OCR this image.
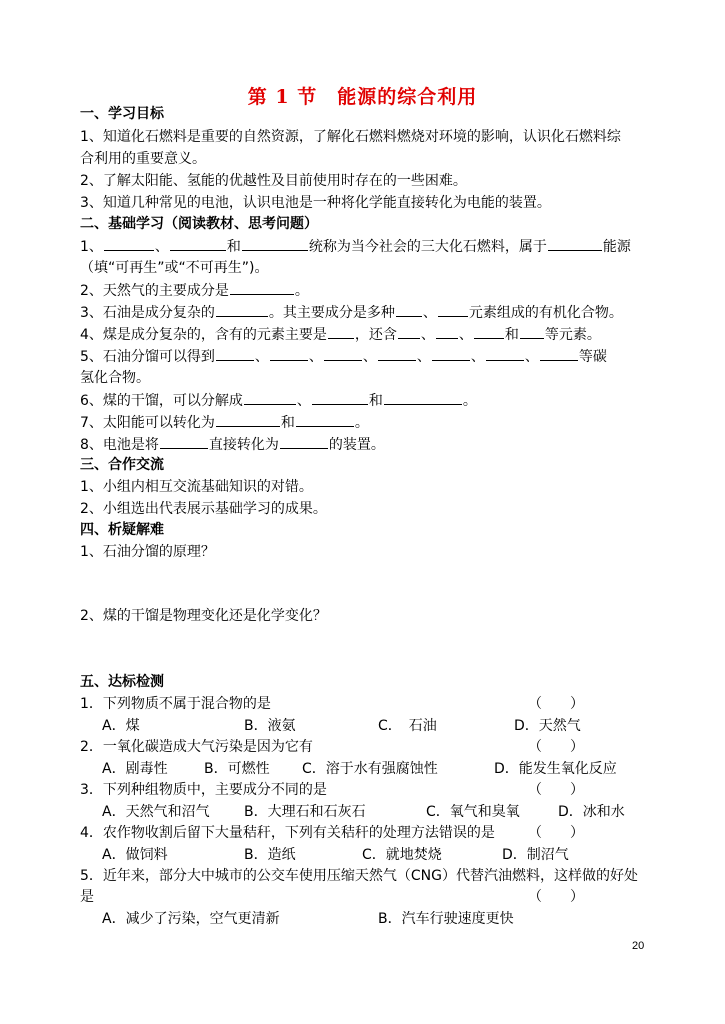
第 1 节　能源的综合利用
一、学习目标
1、知道化石燃料是重要的自然资源，了解化石燃料燃烧对环境的影响，认识化石燃料综
合利用的重要意义。
2、了解太阳能、氢能的优越性及目前使用时存在的一些困难。
3、知道几种常见的电池，认识电池是一种将化学能直接转化为电能的装置。
二、基础学习（阅读教材、思考问题）
1、	、	和	统称为当今社会的三大化石燃料，属于	能源
（填“可再生”或“不可再生”)。
2、天然气的主要成分是	。
3、石油是成分复杂的	。其主要成分是多种 、 元素组成的有机化合物。
4、煤是成分复杂的，含有的元素主要是 ，还含 、 、 和 等元素。
5、石油分馏可以得到	、	、	、	、	、	、	等碳
氢化合物。
6、煤的干馏，可以分解成	、	和	。
7、太阳能可以转化为	和	。
8、电池是将	直接转化为	的装置。
三、合作交流
1、小组内相互交流基础知识的对错。
2、小组选出代表展示基础学习的成果。
四、析疑解难
1、石油分馏的原理？
2、煤的干馏是物理变化还是化学变化？
五、达标检测
1．下列物质不属于混合物的是	（　　）
A．煤	B．液氨	C．　石油	D．天然气
2．一氧化碳造成大气污染是因为它有	（　　）
A．剧毒性	B．可燃性 C．溶于水有强腐蚀性	D．能发生氧化反应
3．下列种组物质中，主要成分不同的是	（　　）
A．天然气和沼气 B．大理石和石灰石	C．氧气和臭氧	D．冰和水
4．农作物收割后留下大量秸秆，下列有关秸秆的处理方法错误的是 （　　）
A．做饲料	B．造纸	C．就地焚烧	D．制沼气
5．近年来，部分大中城市的公交车使用压缩天然气（CNG）代替汽油燃料，这样做的好处
是	（　　）
A．减少了污染，空气更清新	B．汽车行驶速度更快
20
